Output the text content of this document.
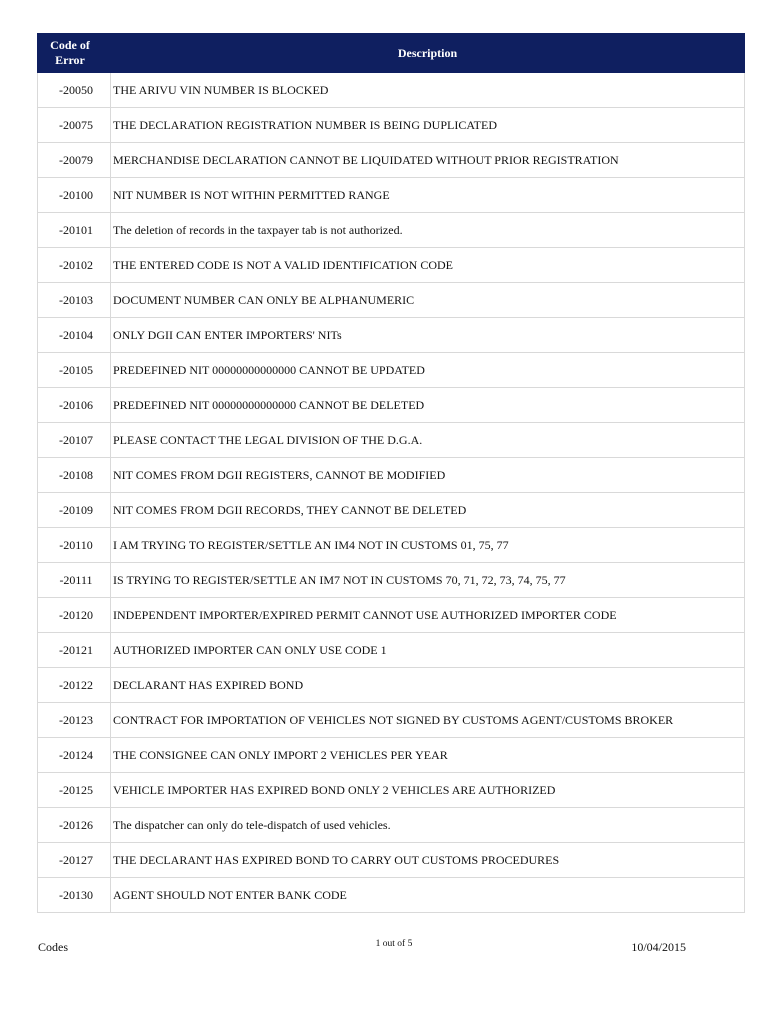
Code of Error	Description
-20050	THE ARIVU VIN NUMBER IS BLOCKED
-20075	THE DECLARATION REGISTRATION NUMBER IS BEING DUPLICATED
-20079	MERCHANDISE DECLARATION CANNOT BE LIQUIDATED WITHOUT PRIOR REGISTRATION
-20100	NIT NUMBER IS NOT WITHIN PERMITTED RANGE
-20101	The deletion of records in the taxpayer tab is not authorized.
-20102	THE ENTERED CODE IS NOT A VALID IDENTIFICATION CODE
-20103	DOCUMENT NUMBER CAN ONLY BE ALPHANUMERIC
-20104	ONLY DGII CAN ENTER IMPORTERS' NITs
-20105	PREDEFINED NIT 00000000000000 CANNOT BE UPDATED
-20106	PREDEFINED NIT 00000000000000 CANNOT BE DELETED
-20107	PLEASE CONTACT THE LEGAL DIVISION OF THE D.G.A.
-20108	NIT COMES FROM DGII REGISTERS, CANNOT BE MODIFIED
-20109	NIT COMES FROM DGII RECORDS, THEY CANNOT BE DELETED
-20110	I AM TRYING TO REGISTER/SETTLE AN IM4 NOT IN CUSTOMS 01, 75, 77
-20111	IS TRYING TO REGISTER/SETTLE AN IM7 NOT IN CUSTOMS 70, 71, 72, 73, 74, 75, 77
-20120	INDEPENDENT IMPORTER/EXPIRED PERMIT CANNOT USE AUTHORIZED IMPORTER CODE
-20121	AUTHORIZED IMPORTER CAN ONLY USE CODE 1
-20122	DECLARANT HAS EXPIRED BOND
-20123	CONTRACT FOR IMPORTATION OF VEHICLES NOT SIGNED BY CUSTOMS AGENT/CUSTOMS BROKER
-20124	THE CONSIGNEE CAN ONLY IMPORT 2 VEHICLES PER YEAR
-20125	VEHICLE IMPORTER HAS EXPIRED BOND ONLY 2 VEHICLES ARE AUTHORIZED
-20126	The dispatcher can only do tele-dispatch of used vehicles.
-20127	THE DECLARANT HAS EXPIRED BOND TO CARRY OUT CUSTOMS PROCEDURES
-20130	AGENT SHOULD NOT ENTER BANK CODE
Codes	1 out of 5	10/04/2015
